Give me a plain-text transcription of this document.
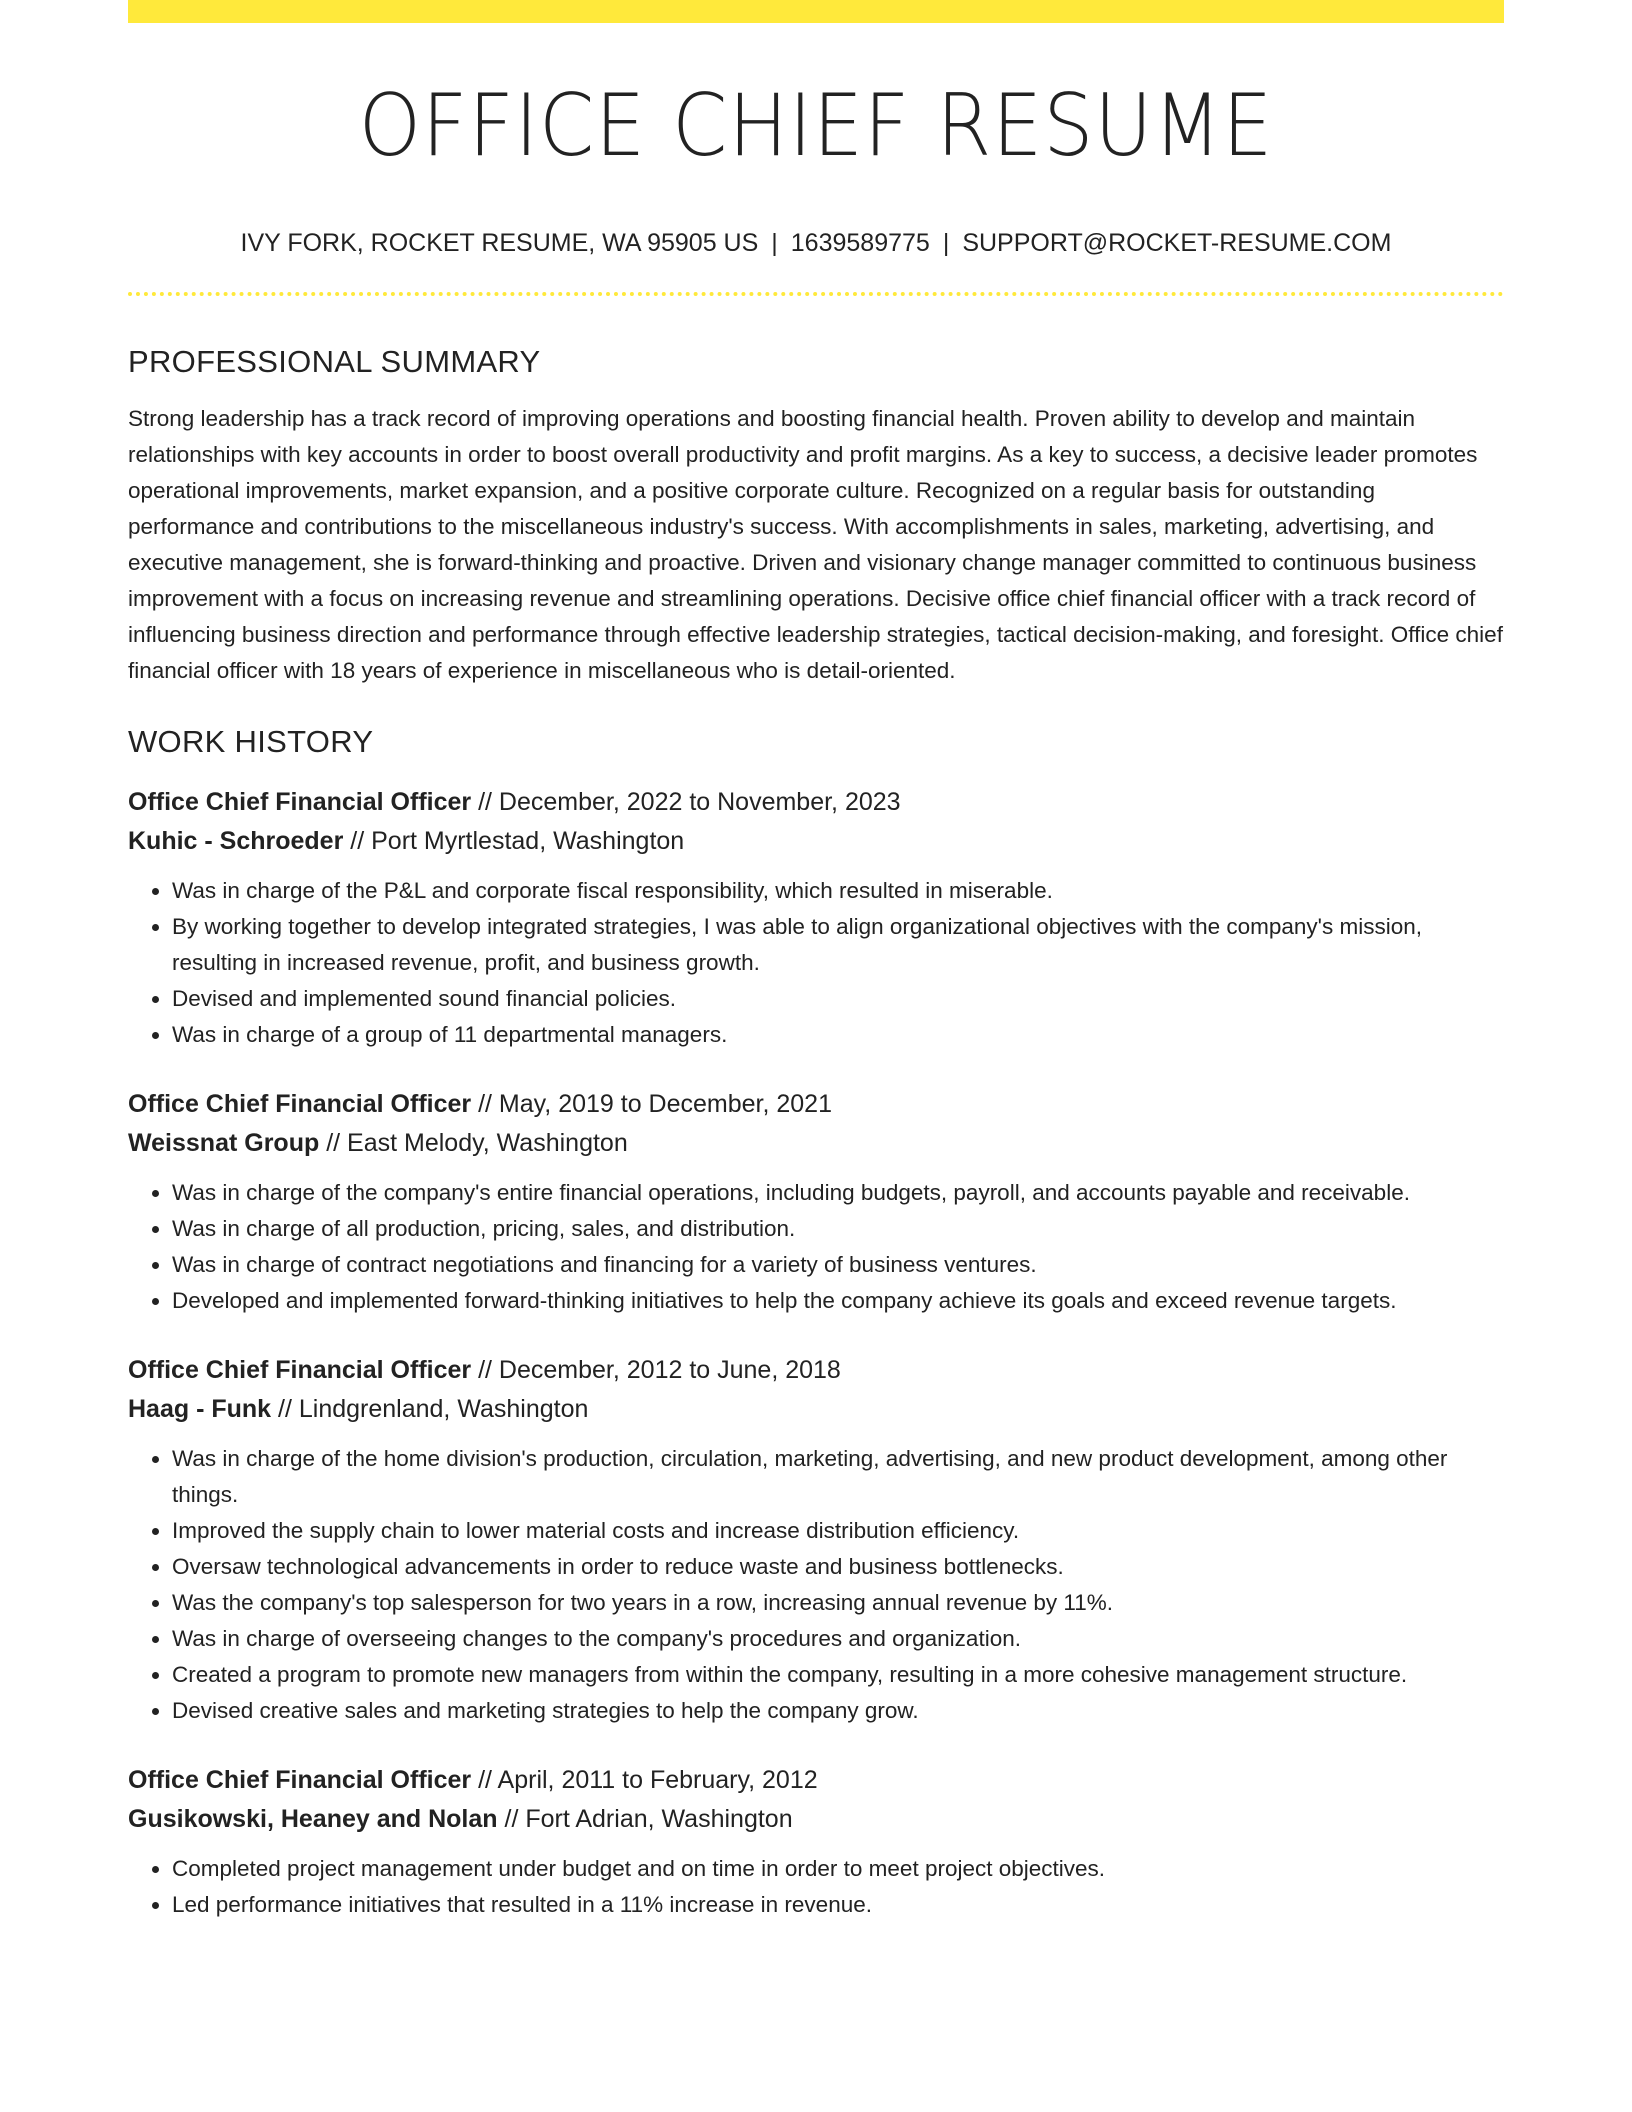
OFFICE CHIEF RESUME
IVY FORK, ROCKET RESUME, WA 95905 US | 1639589775 | SUPPORT@ROCKET-RESUME.COM
PROFESSIONAL SUMMARY

Strong leadership has a track record of improving operations and boosting financial health. Proven ability to develop and maintain relationships with key accounts in order to boost overall productivity and profit margins. As a key to success, a decisive leader promotes operational improvements, market expansion, and a positive corporate culture. Recognized on a regular basis for outstanding performance and contributions to the miscellaneous industry's success. With accomplishments in sales, marketing, advertising, and executive management, she is forward-thinking and proactive. Driven and visionary change manager committed to continuous business improvement with a focus on increasing revenue and streamlining operations. Decisive office chief financial officer with a track record of influencing business direction and performance through effective leadership strategies, tactical decision-making, and foresight. Office chief financial officer with 18 years of experience in miscellaneous who is detail-oriented.

WORK HISTORY
Office Chief Financial Officer // December, 2022 to November, 2023
Kuhic - Schroeder // Port Myrtlestad, Washington
• Was in charge of the P&L and corporate fiscal responsibility, which resulted in miserable.
• By working together to develop integrated strategies, I was able to align organizational objectives with the company's mission, resulting in increased revenue, profit, and business growth.
• Devised and implemented sound financial policies.
• Was in charge of a group of 11 departmental managers.
Office Chief Financial Officer // May, 2019 to December, 2021
Weissnat Group // East Melody, Washington
• Was in charge of the company's entire financial operations, including budgets, payroll, and accounts payable and receivable.
• Was in charge of all production, pricing, sales, and distribution.
• Was in charge of contract negotiations and financing for a variety of business ventures.
• Developed and implemented forward-thinking initiatives to help the company achieve its goals and exceed revenue targets.
Office Chief Financial Officer // December, 2012 to June, 2018
Haag - Funk // Lindgrenland, Washington
• Was in charge of the home division's production, circulation, marketing, advertising, and new product development, among other things.
• Improved the supply chain to lower material costs and increase distribution efficiency.
• Oversaw technological advancements in order to reduce waste and business bottlenecks.
• Was the company's top salesperson for two years in a row, increasing annual revenue by 11%.
• Was in charge of overseeing changes to the company's procedures and organization.
• Created a program to promote new managers from within the company, resulting in a more cohesive management structure.
• Devised creative sales and marketing strategies to help the company grow.
Office Chief Financial Officer // April, 2011 to February, 2012
Gusikowski, Heaney and Nolan // Fort Adrian, Washington
• Completed project management under budget and on time in order to meet project objectives.
• Led performance initiatives that resulted in a 11% increase in revenue.
